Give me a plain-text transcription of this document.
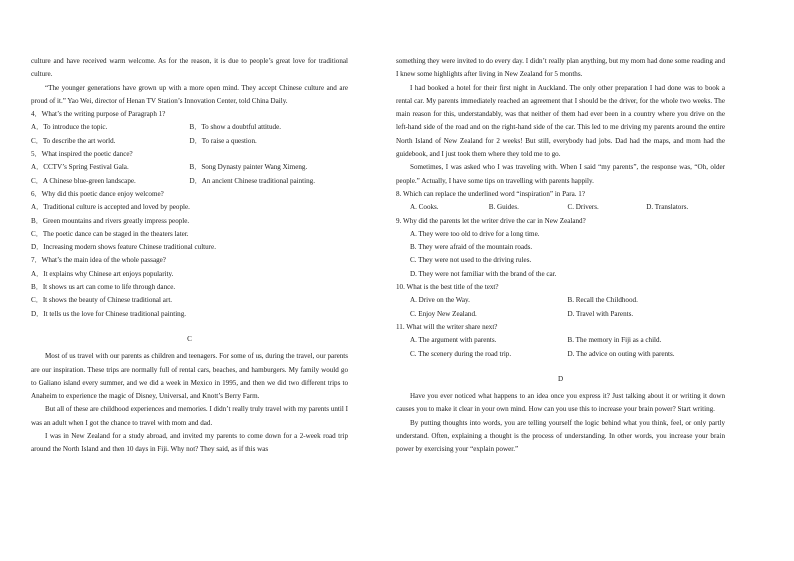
culture and have received warm welcome. As for the reason, it is due to people’s great love for traditional culture.

“The younger generations have grown up with a more open mind. They accept Chinese culture and are proud of it.” Yao Wei, director of Henan TV Station’s Innovation Center, told China Daily.

4．What’s the writing purpose of Paragraph 1?

A．To introduce the topic.	B．To show a doubtful attitude.
C．To describe the art world.	D．To raise a question.

5．What inspired the poetic dance?

A．CCTV’s Spring Festival Gala.	B．Song Dynasty painter Wang Ximeng.
C．A Chinese blue-green landscape.	D．An ancient Chinese traditional painting.

6．Why did this poetic dance enjoy welcome?

A．Traditional culture is accepted and loved by people.
B．Green mountains and rivers greatly impress people.
C．The poetic dance can be staged in the theaters later.
D．Increasing modern shows feature Chinese traditional culture.

7．What’s the main idea of the whole passage?

A．It explains why Chinese art enjoys popularity.
B．It shows us art can come to life through dance.
C．It shows the beauty of Chinese traditional art.
D．It tells us the love for Chinese traditional painting.

C

Most of us travel with our parents as children and teenagers. For some of us, during the travel, our parents are our inspiration. These trips are normally full of rental cars, beaches, and hamburgers. My family would go to Galiano island every summer, and we did a week in Mexico in 1995, and then we did two different trips to Anaheim to experience the magic of Disney, Universal, and Knott’s Berry Farm.

But all of these are childhood experiences and memories. I didn’t really truly travel with my parents until I was an adult when I got the chance to travel with mom and dad.

I was in New Zealand for a study abroad, and invited my parents to come down for a 2-week road trip around the North Island and then 10 days in Fiji. Why not? They said, as if this was

something they were invited to do every day. I didn’t really plan anything, but my mom had done some reading and I knew some highlights after living in New Zealand for 5 months.

I had booked a hotel for their first night in Auckland. The only other preparation I had done was to book a rental car. My parents immediately reached an agreement that I should be the driver, for the whole two weeks. The main reason for this, understandably, was that neither of them had ever been in a country where you drive on the left-hand side of the road and on the right-hand side of the car. This led to me driving my parents around the entire North Island of New Zealand for 2 weeks! But still, everybody had jobs. Dad had the maps, and mom had the guidebook, and I just took them where they told me to go.

Sometimes, I was asked who I was traveling with. When I said “my parents”, the response was, “Oh, older people.” Actually, I have some tips on travelling with parents happily.

8. Which can replace the underlined word “inspiration” in Para. 1?

A. Cooks.	B. Guides.	C. Drivers.	D. Translators.

9. Why did the parents let the writer drive the car in New Zealand?

A. They were too old to drive for a long time.
B. They were afraid of the mountain roads.
C. They were not used to the driving rules.
D. They were not familiar with the brand of the car.

10. What is the best title of the text?

A. Drive on the Way.	B. Recall the Childhood.
C. Enjoy New Zealand.	D. Travel with Parents.

11. What will the writer share next?

A. The argument with parents.	B. The memory in Fiji as a child.
C. The scenery during the road trip.	D. The advice on outing with parents.

D

Have you ever noticed what happens to an idea once you express it? Just talking about it or writing it down causes you to make it clear in your own mind. How can you use this to increase your brain power? Start writing.

By putting thoughts into words, you are telling yourself the logic behind what you think, feel, or only partly understand. Often, explaining a thought is the process of understanding. In other words, you increase your brain power by exercising your “explain power.”
